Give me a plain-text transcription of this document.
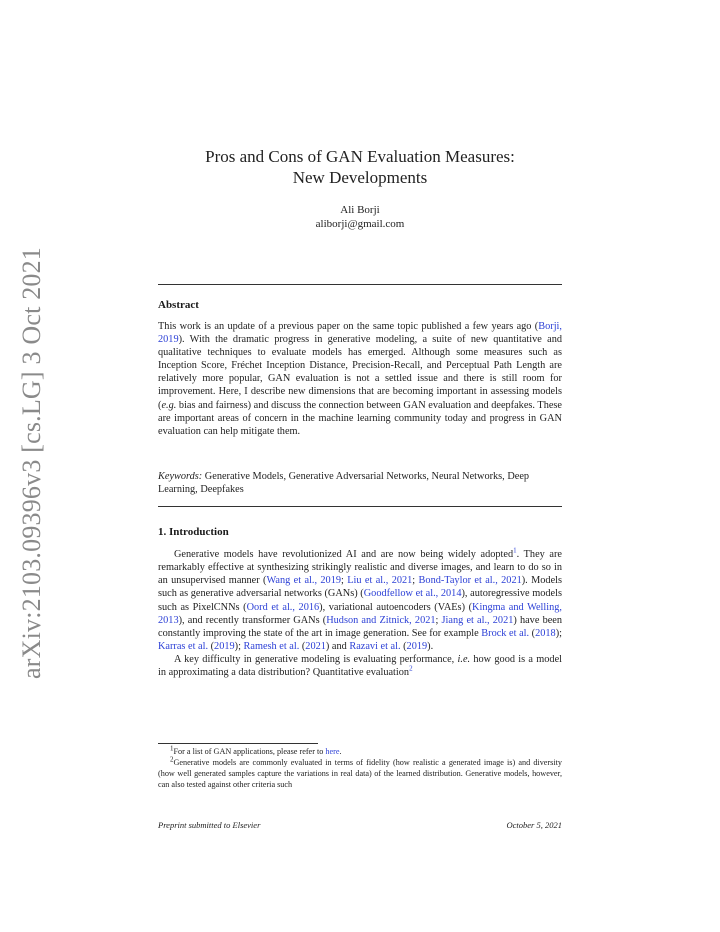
arXiv:2103.09396v3 [cs.LG] 3 Oct 2021
Pros and Cons of GAN Evaluation Measures:
New Developments
Ali Borji
aliborji@gmail.com
Abstract
This work is an update of a previous paper on the same topic published a few years ago (Borji, 2019). With the dramatic progress in generative modeling, a suite of new quantitative and qualitative techniques to evaluate models has emerged. Although some measures such as Inception Score, Fréchet Inception Distance, Precision-Recall, and Perceptual Path Length are relatively more popular, GAN evaluation is not a settled issue and there is still room for improvement. Here, I describe new dimensions that are becoming important in assessing models (e.g. bias and fairness) and discuss the connection between GAN evaluation and deepfakes. These are important areas of concern in the machine learning community today and progress in GAN evaluation can help mitigate them.
Keywords: Generative Models, Generative Adversarial Networks, Neural Networks, Deep Learning, Deepfakes
1. Introduction

Generative models have revolutionized AI and are now being widely adopted$^1$. They are remarkably effective at synthesizing strikingly realistic and diverse images, and learn to do so in an unsupervised manner (Wang et al., 2019; Liu et al., 2021; Bond-Taylor et al., 2021). Models such as generative adversarial networks (GANs) (Goodfellow et al., 2014), autoregressive models such as PixelCNNs (Oord et al., 2016), variational autoencoders (VAEs) (Kingma and Welling, 2013), and recently transformer GANs (Hudson and Zitnick, 2021; Jiang et al., 2021) have been constantly improving the state of the art in image generation. See for example Brock et al. (2018); Karras et al. (2019); Ramesh et al. (2021) and Razavi et al. (2019).

A key difficulty in generative modeling is evaluating performance, i.e. how good is a model in approximating a data distribution? Quantitative evaluation$^2$

$^1$For a list of GAN applications, please refer to here.

$^2$Generative models are commonly evaluated in terms of fidelity (how realistic a generated image is) and diversity (how well generated samples capture the variations in real data) of the learned distribution. Generative models, however, can also tested against other criteria such

Preprint submitted to Elsevier	October 5, 2021
